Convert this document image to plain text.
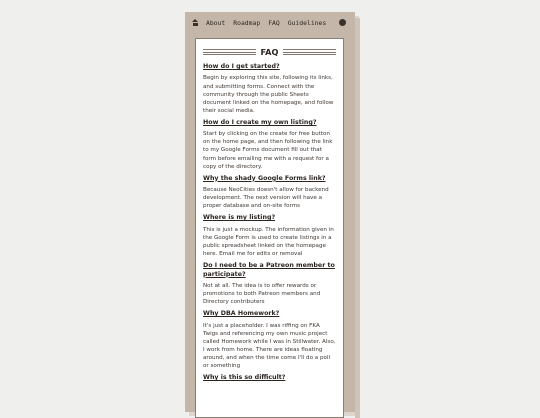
About Roadmap FAQ Guidelines
FAQ
How do I get started?
Begin by exploring this site, following its links, and submitting forms. Connect with the community through the public Sheets document linked on the homepage, and follow their social media.
How do I create my own listing?
Start by clicking on the create for free button on the home page, and then following the link to my Google Forms document fill out that form before emailing me with a request for a copy of the directory.
Why the shady Google Forms link?
Because NeoCities doesn't allow for backend development. The next version will have a proper database and on-site forms
Where is my listing?
This is just a mockup. The information given in the Google Form is used to create listings in a public spreadsheet linked on the homepage here. Email me for edits or removal
Do I need to be a Patreon member to participate?
Not at all. The idea is to offer rewards or promotions to both Patreon members and Directory contributers
Why DBA Homework?
It's just a placeholder. I was riffing on FKA Twigs and referencing my own music project called Homework while I was in Stillwater. Also, I work from home. There are ideas floating around, and when the time come I'll do a poll or something
Why is this so difficult?
